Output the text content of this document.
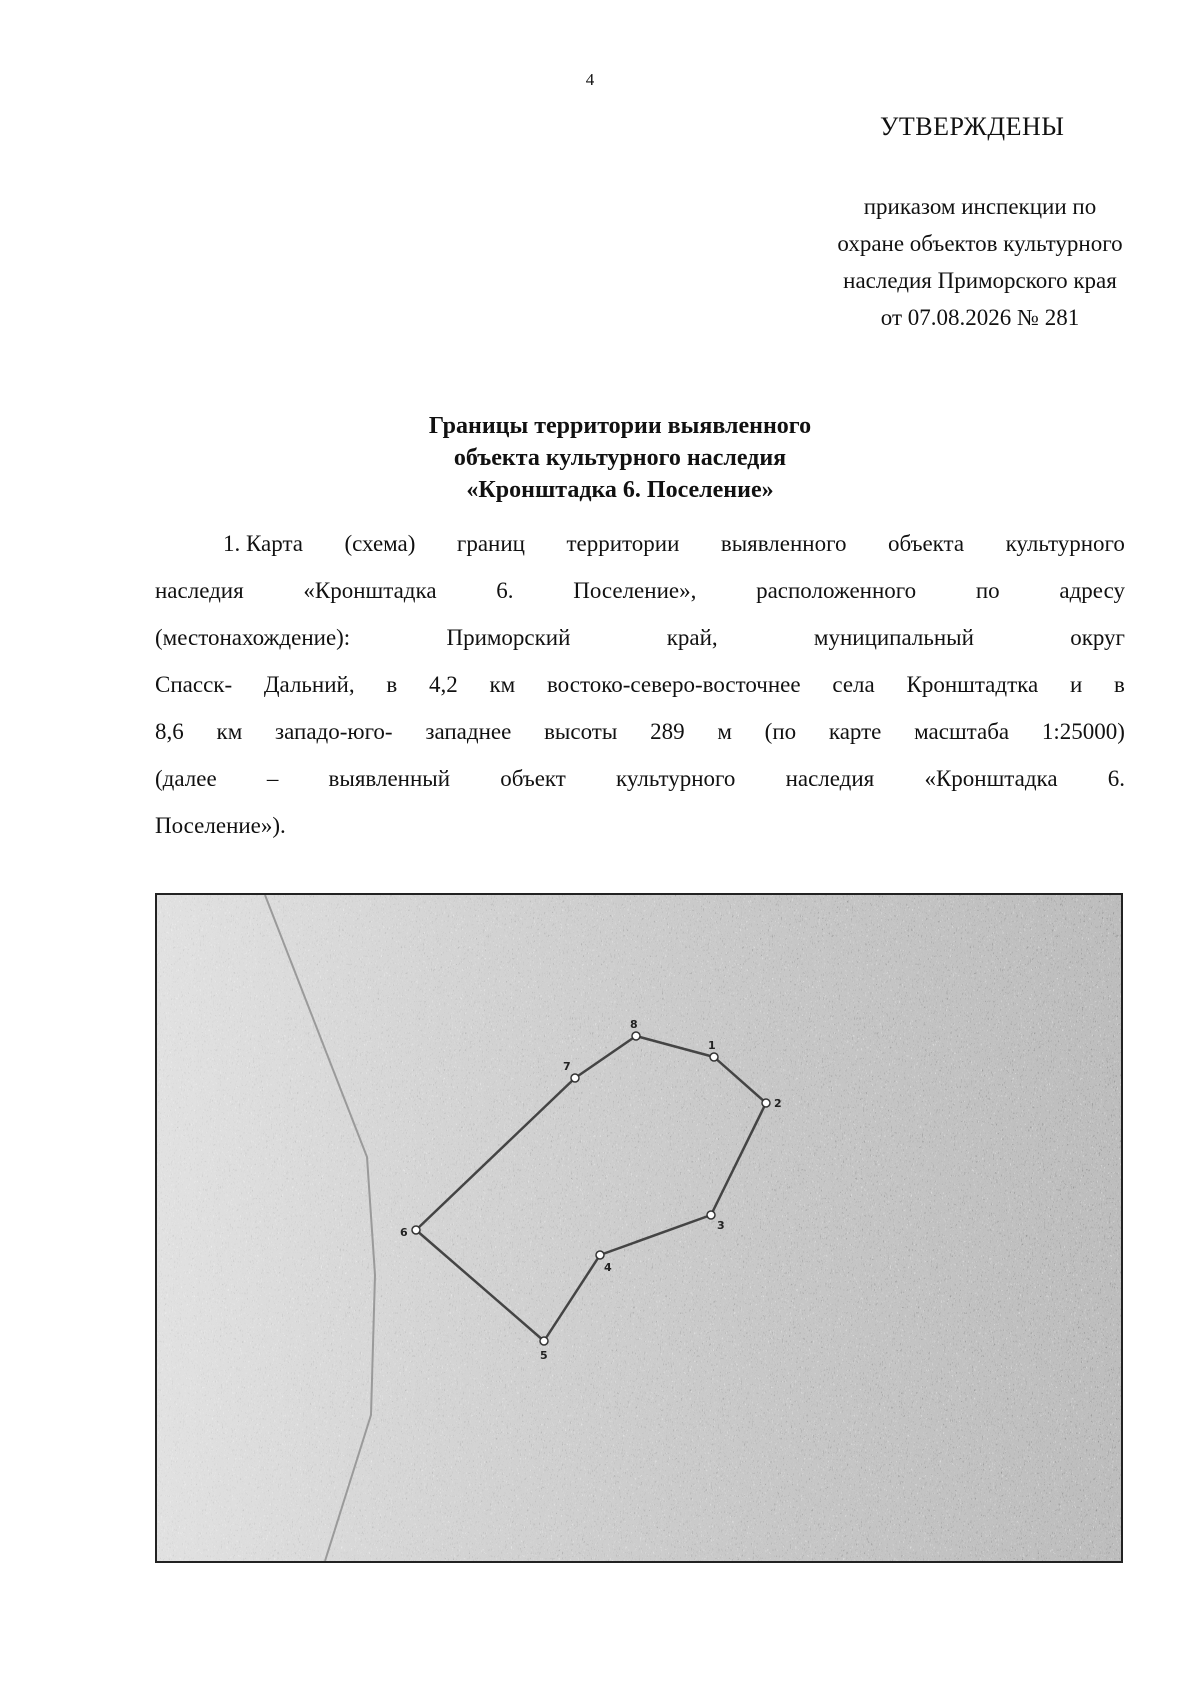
4
УТВЕРЖДЕНЫ
приказом инспекции по
охране объектов культурного
наследия Приморского края
от 07.08.2026 № 281
Границы территории выявленного
объекта культурного наследия
«Кронштадка 6. Поселение»
1. Карта (схема) границ территории выявленного объекта культурного
наследия	«Кронштадка	6.	Поселение»,	расположенного	по	адресу
(местонахождение):	Приморский	край,	муниципальный	округ
Спасск- Дальний, в 4,2 км востоко-северо-восточнее села Кронштадтка и в
8,6 км западо-юго- западнее высоты 289 м (по карте масштаба 1:25000)
(далее – выявленный объект культурного наследия «Кронштадка 6.
Поселение»).
1
2
3
4
5
6
7
8
